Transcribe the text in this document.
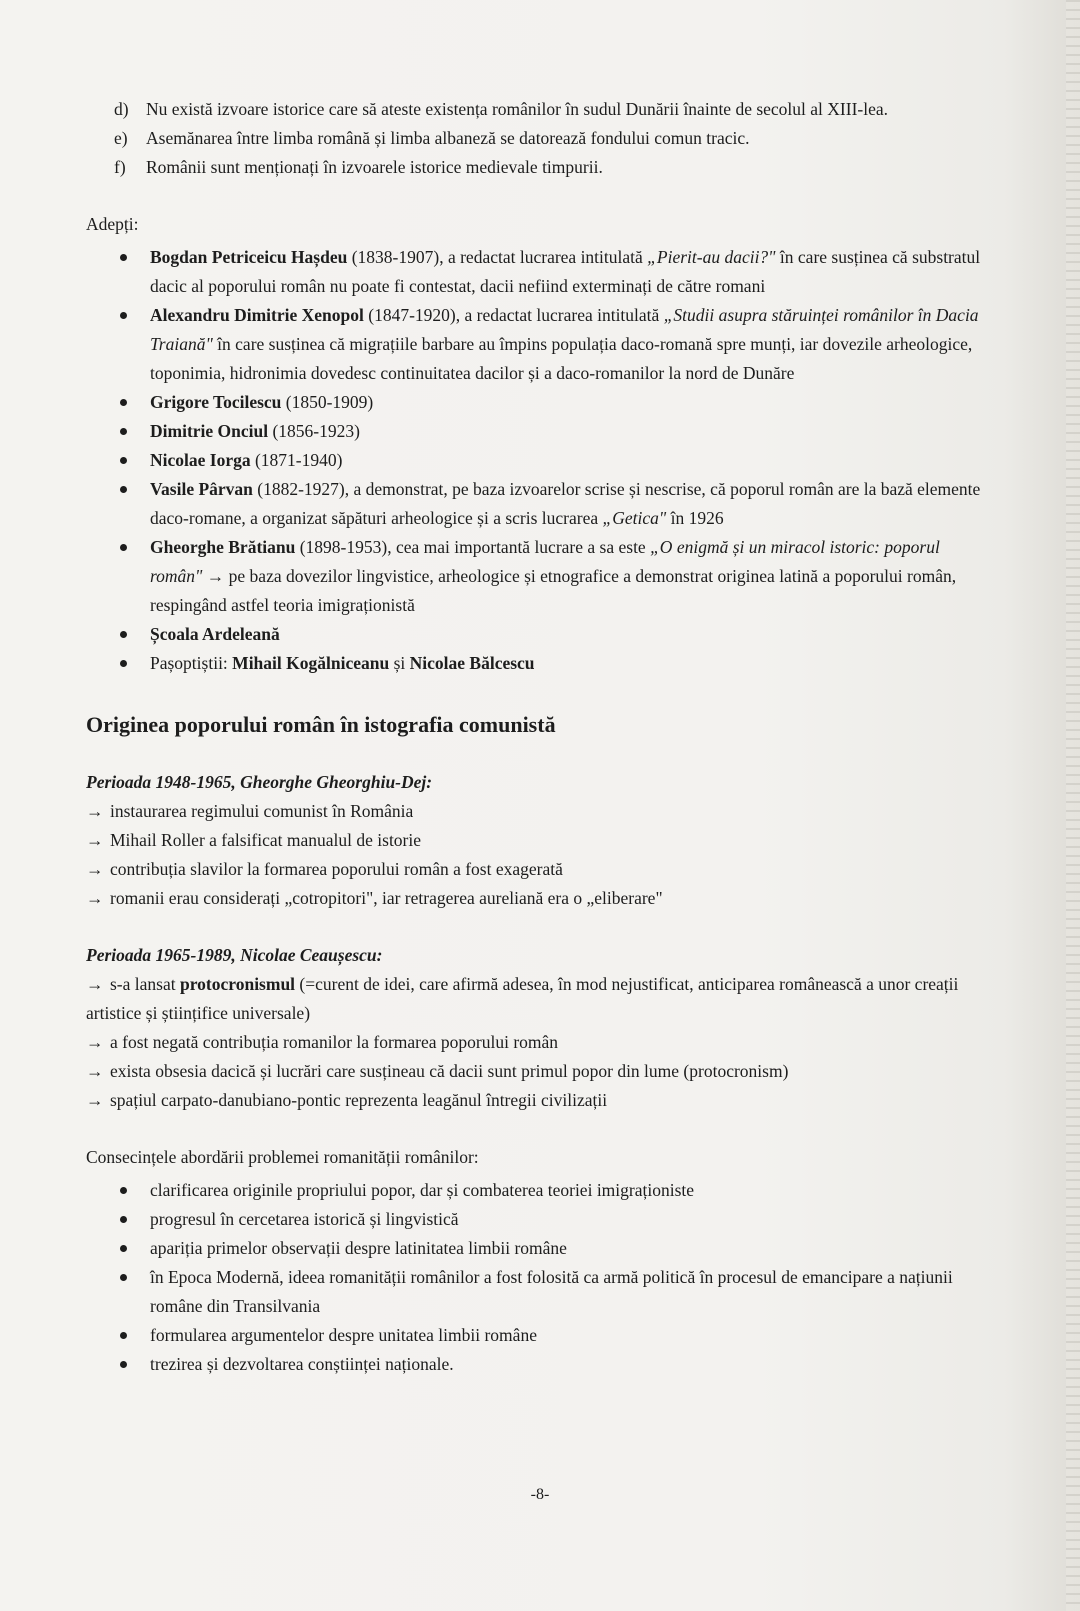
d) Nu există izvoare istorice care să ateste existența românilor în sudul Dunării înainte de secolul al XIII-lea.
e) Asemănarea între limba română și limba albaneză se datorează fondului comun tracic.
f) Românii sunt menționați în izvoarele istorice medievale timpurii.
Adepți:
Bogdan Petriceicu Hașdeu (1838-1907), a redactat lucrarea intitulată „Pierit-au dacii?" în care susținea că substratul dacic al poporului român nu poate fi contestat, dacii nefiind exterminați de către romani
Alexandru Dimitrie Xenopol (1847-1920), a redactat lucrarea intitulată „Studii asupra stăruinței românilor în Dacia Traiană" în care susținea că migrațiile barbare au împins populația daco-romană spre munți, iar dovezile arheologice, toponimia, hidronimia dovedesc continuitatea dacilor și a daco-romanilor la nord de Dunăre
Grigore Tocilescu (1850-1909)
Dimitrie Onciul (1856-1923)
Nicolae Iorga (1871-1940)
Vasile Pârvan (1882-1927), a demonstrat, pe baza izvoarelor scrise și nescrise, că poporul român are la bază elemente daco-romane, a organizat săpături arheologice și a scris lucrarea „Getica" în 1926
Gheorghe Brătianu (1898-1953), cea mai importantă lucrare a sa este „O enigmă și un miracol istoric: poporul român" → pe baza dovezilor lingvistice, arheologice și etnografice a demonstrat originea latină a poporului român, respingând astfel teoria imigraționistă
Școala Ardeleană
Pașoptiștii: Mihail Kogălniceanu și Nicolae Bălcescu
Originea poporului român în istografia comunistă
Perioada 1948-1965, Gheorghe Gheorghiu-Dej:
→ instaurarea regimului comunist în România
→ Mihail Roller a falsificat manualul de istorie
→ contribuția slavilor la formarea poporului român a fost exagerată
→ romanii erau considerați „cotropitori", iar retragerea aureliană era o „eliberare"
Perioada 1965-1989, Nicolae Ceaușescu:
→ s-a lansat protocronismul (=curent de idei, care afirmă adesea, în mod nejustificat, anticiparea românească a unor creații artistice și științifice universale)
→ a fost negată contribuția romanilor la formarea poporului român
→ exista obsesia dacică și lucrări care susțineau că dacii sunt primul popor din lume (protocronism)
→ spațiul carpato-danubiano-pontic reprezenta leagănul întregii civilizații
Consecințele abordării problemei romanității românilor:
clarificarea originile propriului popor, dar și combaterea teoriei imigraționiste
progresul în cercetarea istorică și lingvistică
apariția primelor observații despre latinitatea limbii române
în Epoca Modernă, ideea romanității românilor a fost folosită ca armă politică în procesul de emancipare a națiunii române din Transilvania
formularea argumentelor despre unitatea limbii române
trezirea și dezvoltarea conștiinței naționale.
-8-
